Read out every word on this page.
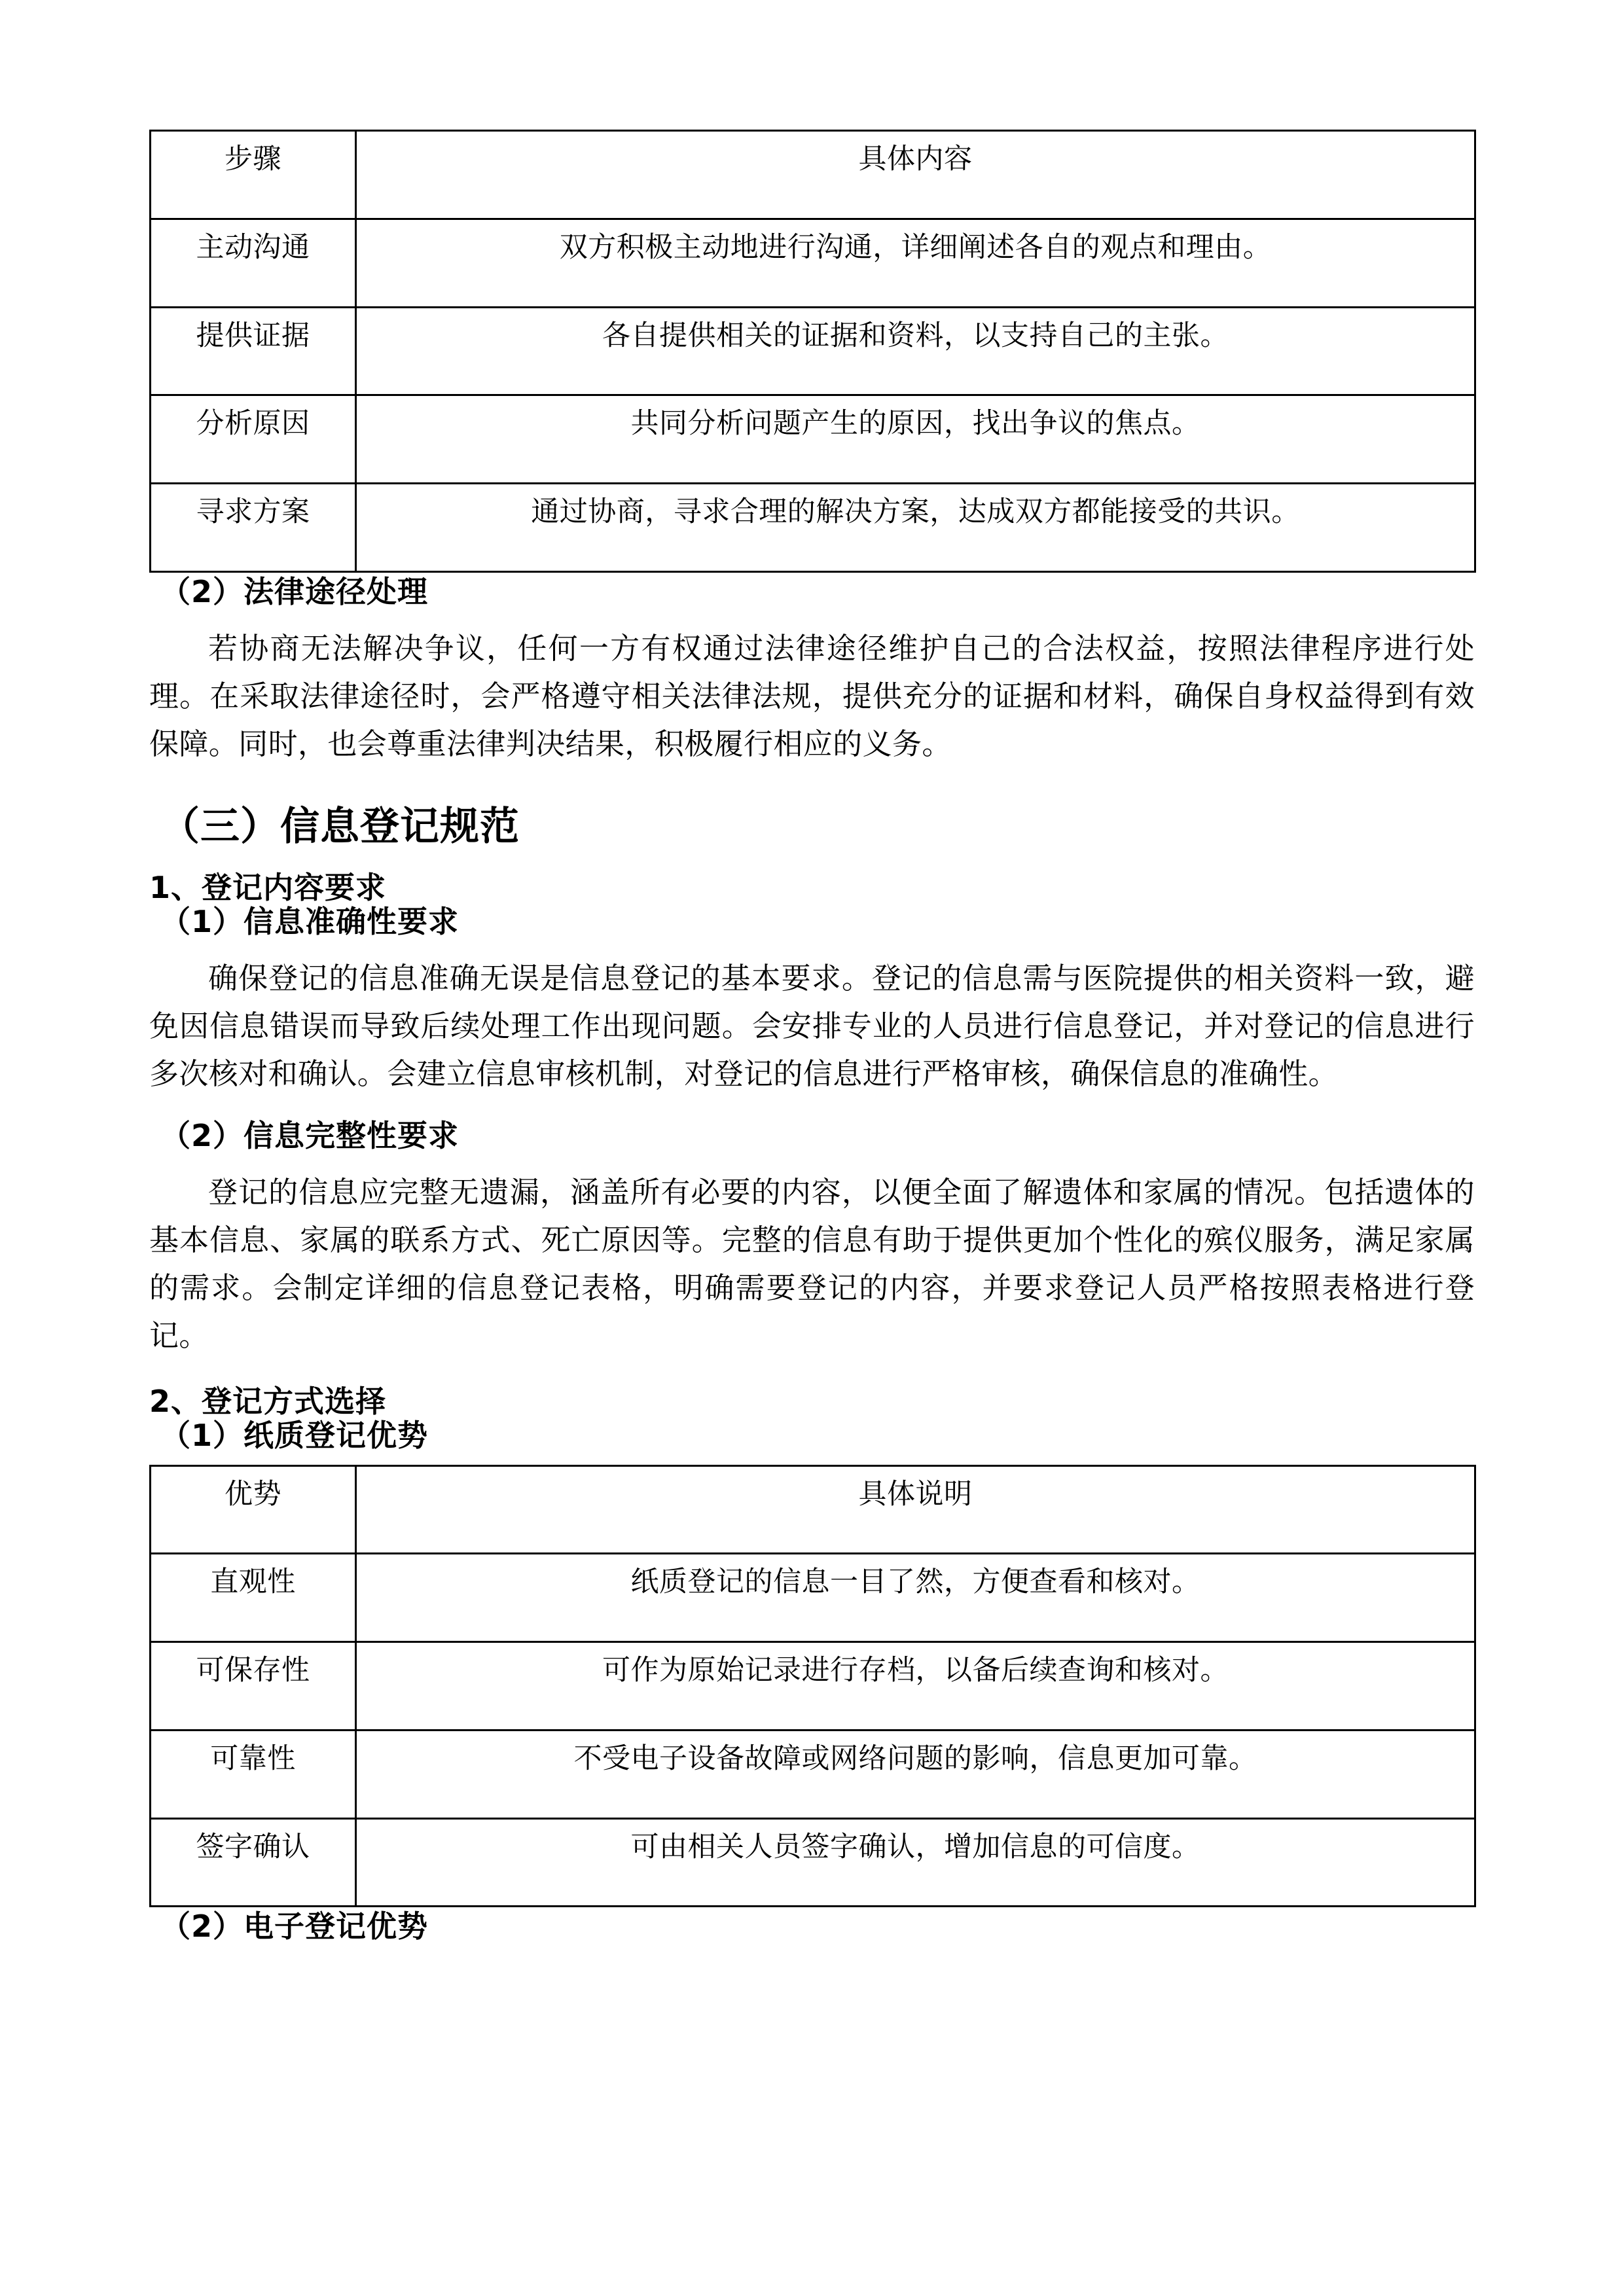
步骤	具体内容
主动沟通	双方积极主动地进行沟通，详细阐述各自的观点和理由。
提供证据	各自提供相关的证据和资料，以支持自己的主张。
分析原因	共同分析问题产生的原因，找出争议的焦点。
寻求方案	通过协商，寻求合理的解决方案，达成双方都能接受的共识。
（2）法律途径处理

若协商无法解决争议，任何一方有权通过法律途径维护自己的合法权益，按照法律程序进行处理。在采取法律途径时，会严格遵守相关法律法规，提供充分的证据和材料，确保自身权益得到有效保障。同时，也会尊重法律判决结果，积极履行相应的义务。

（三）信息登记规范
1、登记内容要求
（1）信息准确性要求

确保登记的信息准确无误是信息登记的基本要求。登记的信息需与医院提供的相关资料一致，避免因信息错误而导致后续处理工作出现问题。会安排专业的人员进行信息登记，并对登记的信息进行多次核对和确认。会建立信息审核机制，对登记的信息进行严格审核，确保信息的准确性。

（2）信息完整性要求

登记的信息应完整无遗漏，涵盖所有必要的内容，以便全面了解遗体和家属的情况。包括遗体的基本信息、家属的联系方式、死亡原因等。完整的信息有助于提供更加个性化的殡仪服务，满足家属的需求。会制定详细的信息登记表格，明确需要登记的内容，并要求登记人员严格按照表格进行登记。

2、登记方式选择
（1）纸质登记优势
优势	具体说明
直观性	纸质登记的信息一目了然，方便查看和核对。
可保存性	可作为原始记录进行存档，以备后续查询和核对。
可靠性	不受电子设备故障或网络问题的影响，信息更加可靠。
签字确认	可由相关人员签字确认，增加信息的可信度。
（2）电子登记优势
